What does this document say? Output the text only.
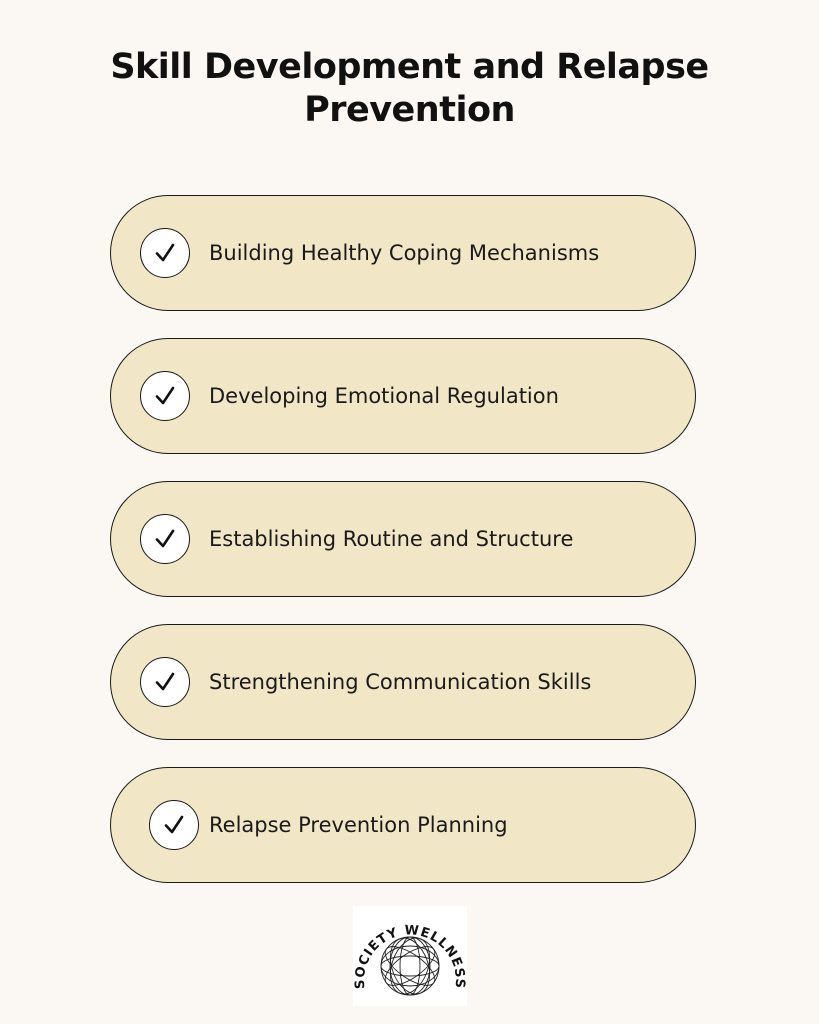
Skill Development and Relapse
Prevention
Building Healthy Coping Mechanisms
Developing Emotional Regulation
Establishing Routine and Structure
Strengthening Communication Skills
Relapse Prevention Planning
SOCIETY WELLNESS
